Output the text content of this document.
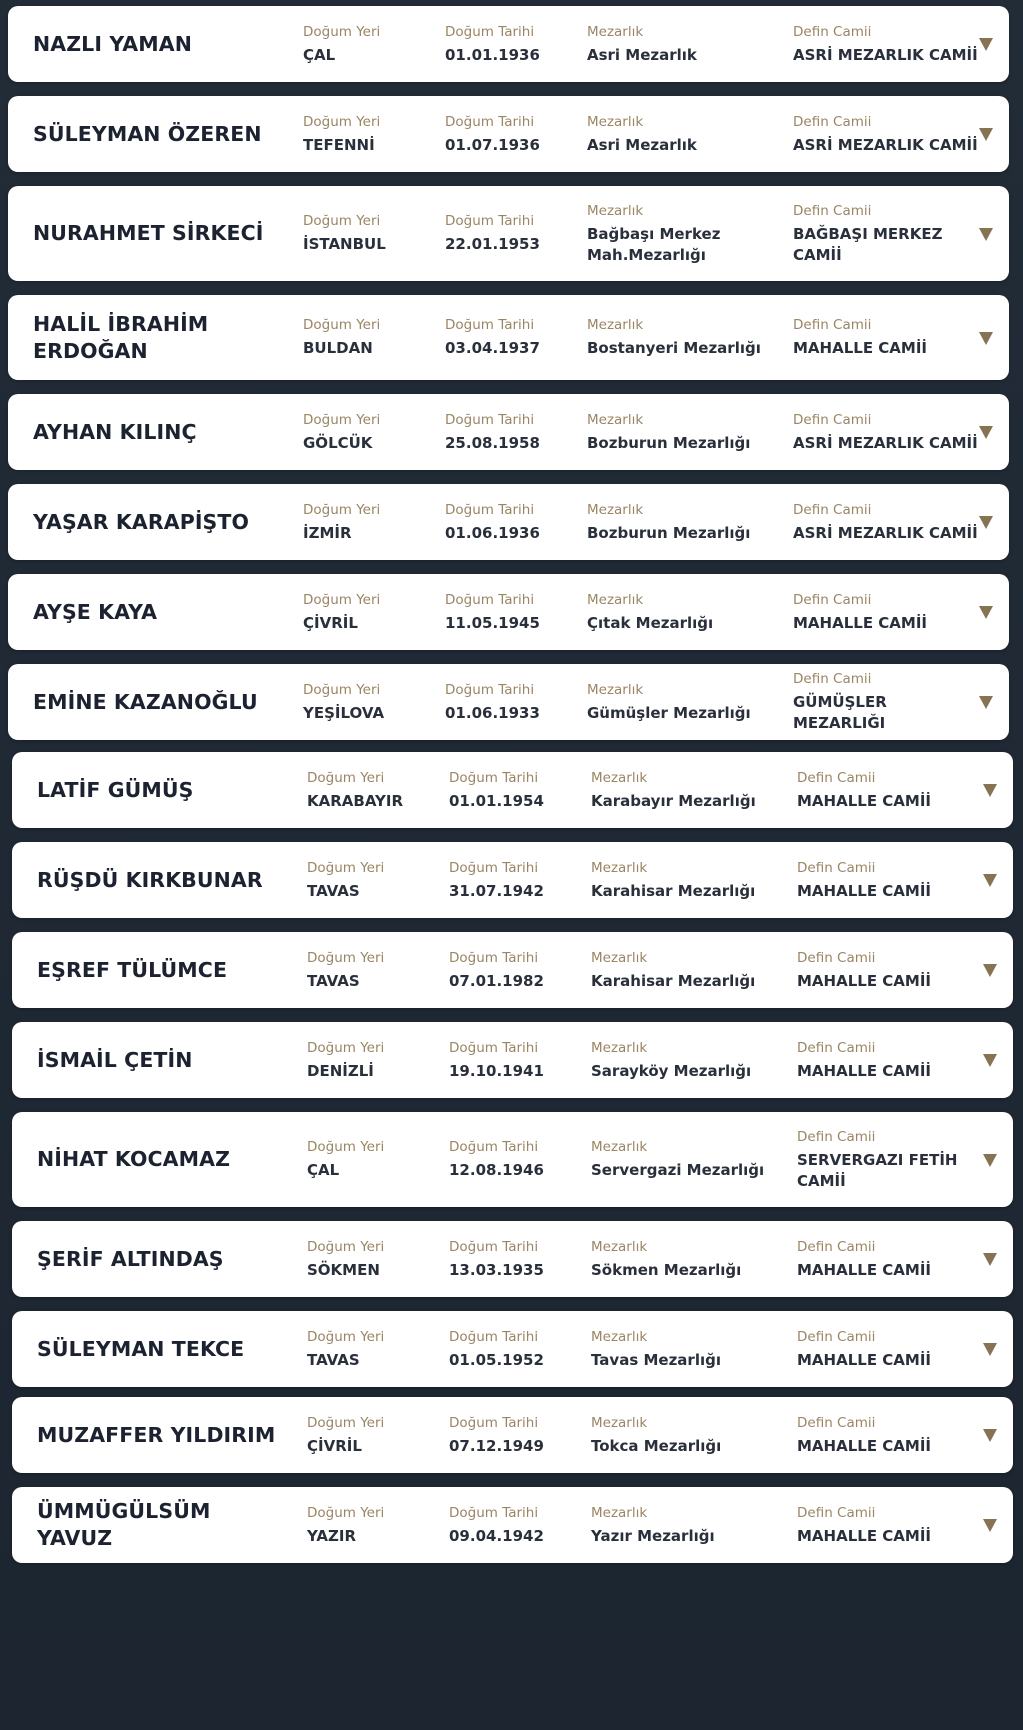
NAZLI YAMAN	Doğum Yeri
ÇAL
Doğum Tarihi
01.01.1936
Mezarlık
Asri Mezarlık
Defin Camii
ASRİ MEZARLIK CAMİİ
SÜLEYMAN ÖZEREN	Doğum Yeri
TEFENNİ
Doğum Tarihi
01.07.1936
Mezarlık
Asri Mezarlık
Defin Camii
ASRİ MEZARLIK CAMİİ
NURAHMET SİRKECİ	Doğum Yeri
İSTANBUL
Doğum Tarihi
22.01.1953
Mezarlık
Bağbaşı Merkez Mah.Mezarlığı
Defin Camii
BAĞBAŞI MERKEZ CAMİİ
HALİL İBRAHİM ERDOĞAN
Doğum Yeri
BULDAN
Doğum Tarihi
03.04.1937
Mezarlık
Bostanyeri Mezarlığı
Defin Camii
MAHALLE CAMİİ
AYHAN KILINÇ	Doğum Yeri
GÖLCÜK
Doğum Tarihi
25.08.1958
Mezarlık
Bozburun Mezarlığı
Defin Camii
ASRİ MEZARLIK CAMİİ
YAŞAR KARAPİŞTO	Doğum Yeri
İZMİR
Doğum Tarihi
01.06.1936
Mezarlık
Bozburun Mezarlığı
Defin Camii
ASRİ MEZARLIK CAMİİ
AYŞE KAYA	Doğum Yeri
ÇİVRİL
Doğum Tarihi
11.05.1945
Mezarlık
Çıtak Mezarlığı
Defin Camii
MAHALLE CAMİİ
EMİNE KAZANOĞLU	Doğum Yeri
YEŞİLOVA
Doğum Tarihi
01.06.1933
Mezarlık
Gümüşler Mezarlığı
Defin Camii
GÜMÜŞLER MEZARLIĞI
LATİF GÜMÜŞ	Doğum Yeri
KARABAYIR
Doğum Tarihi
01.01.1954
Mezarlık
Karabayır Mezarlığı
Defin Camii
MAHALLE CAMİİ
RÜŞDÜ KIRKBUNAR	Doğum Yeri
TAVAS
Doğum Tarihi
31.07.1942
Mezarlık
Karahisar Mezarlığı
Defin Camii
MAHALLE CAMİİ
EŞREF TÜLÜMCE	Doğum Yeri
TAVAS
Doğum Tarihi
07.01.1982
Mezarlık
Karahisar Mezarlığı
Defin Camii
MAHALLE CAMİİ
İSMAİL ÇETİN	Doğum Yeri
DENİZLİ
Doğum Tarihi
19.10.1941
Mezarlık
Sarayköy Mezarlığı
Defin Camii
MAHALLE CAMİİ
NİHAT KOCAMAZ	Doğum Yeri
ÇAL
Doğum Tarihi
12.08.1946
Mezarlık
Servergazi Mezarlığı
Defin Camii
SERVERGAZI FETİH CAMİİ
ŞERİF ALTINDAŞ	Doğum Yeri
SÖKMEN
Doğum Tarihi
13.03.1935
Mezarlık
Sökmen Mezarlığı
Defin Camii
MAHALLE CAMİİ
SÜLEYMAN TEKCE	Doğum Yeri
TAVAS
Doğum Tarihi
01.05.1952
Mezarlık
Tavas Mezarlığı
Defin Camii
MAHALLE CAMİİ
MUZAFFER YILDIRIM Doğum Yeri
ÇİVRİL
Doğum Tarihi
07.12.1949
Mezarlık
Tokca Mezarlığı
Defin Camii
MAHALLE CAMİİ
ÜMMÜGÜLSÜM YAVUZ
Doğum Yeri
YAZIR
Doğum Tarihi
09.04.1942
Mezarlık
Yazır Mezarlığı
Defin Camii
MAHALLE CAMİİ
